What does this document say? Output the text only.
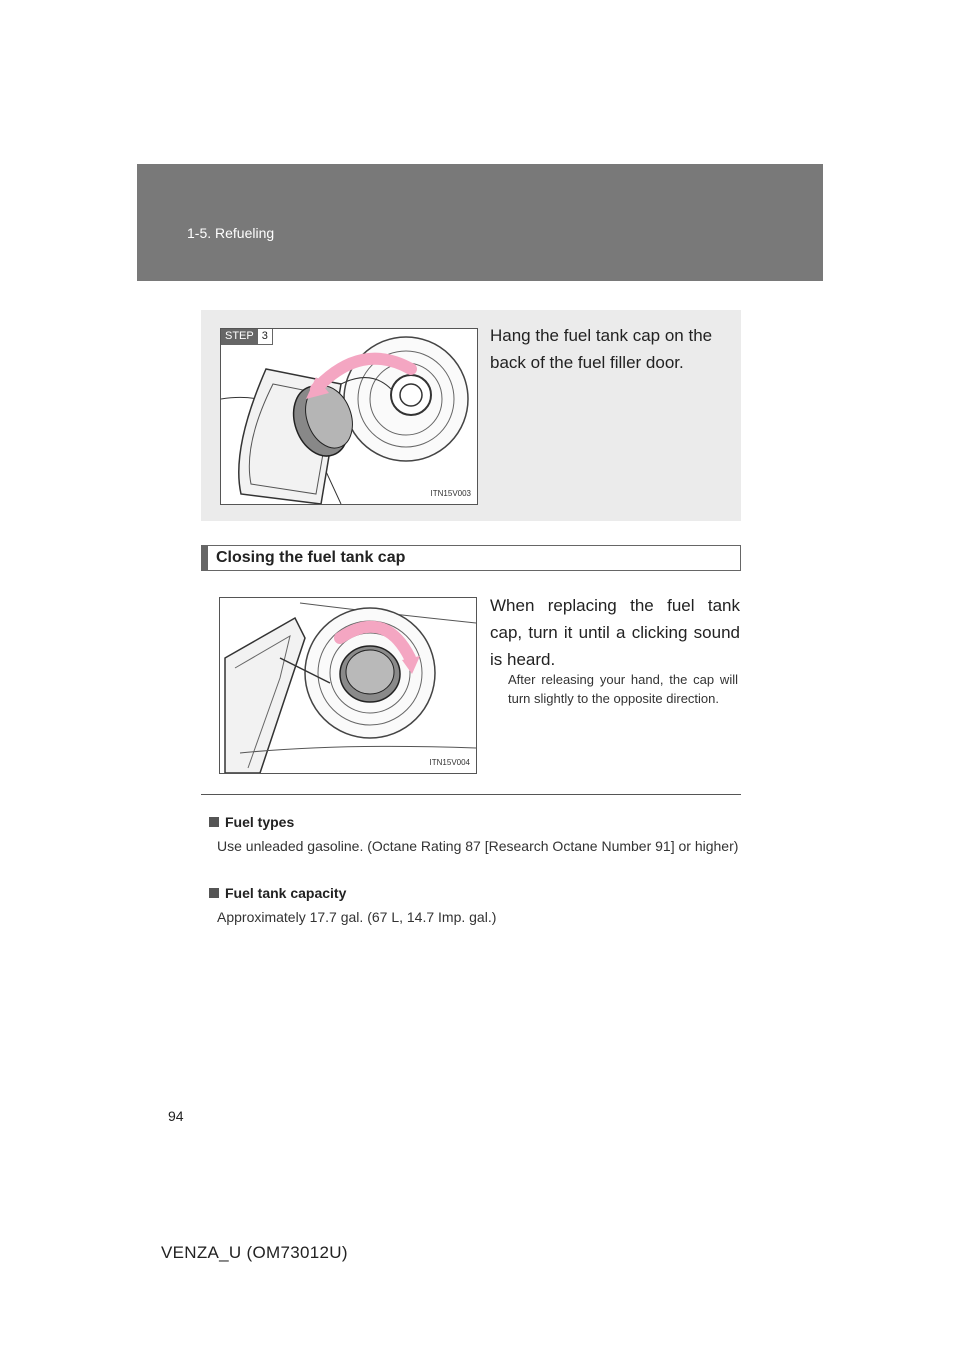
1-5. Refueling
STEP 3
ITN15V003
Hang the fuel tank cap on the back of the fuel filler door.
Closing the fuel tank cap
ITN15V004
When replacing the fuel tank cap, turn it until a clicking sound is heard.
After releasing your hand, the cap will turn slightly to the opposite direction.
Fuel types
Use unleaded gasoline. (Octane Rating 87 [Research Octane Number 91] or higher)
Fuel tank capacity
Approximately 17.7 gal. (67 L, 14.7 Imp. gal.)
94
VENZA_U (OM73012U)
